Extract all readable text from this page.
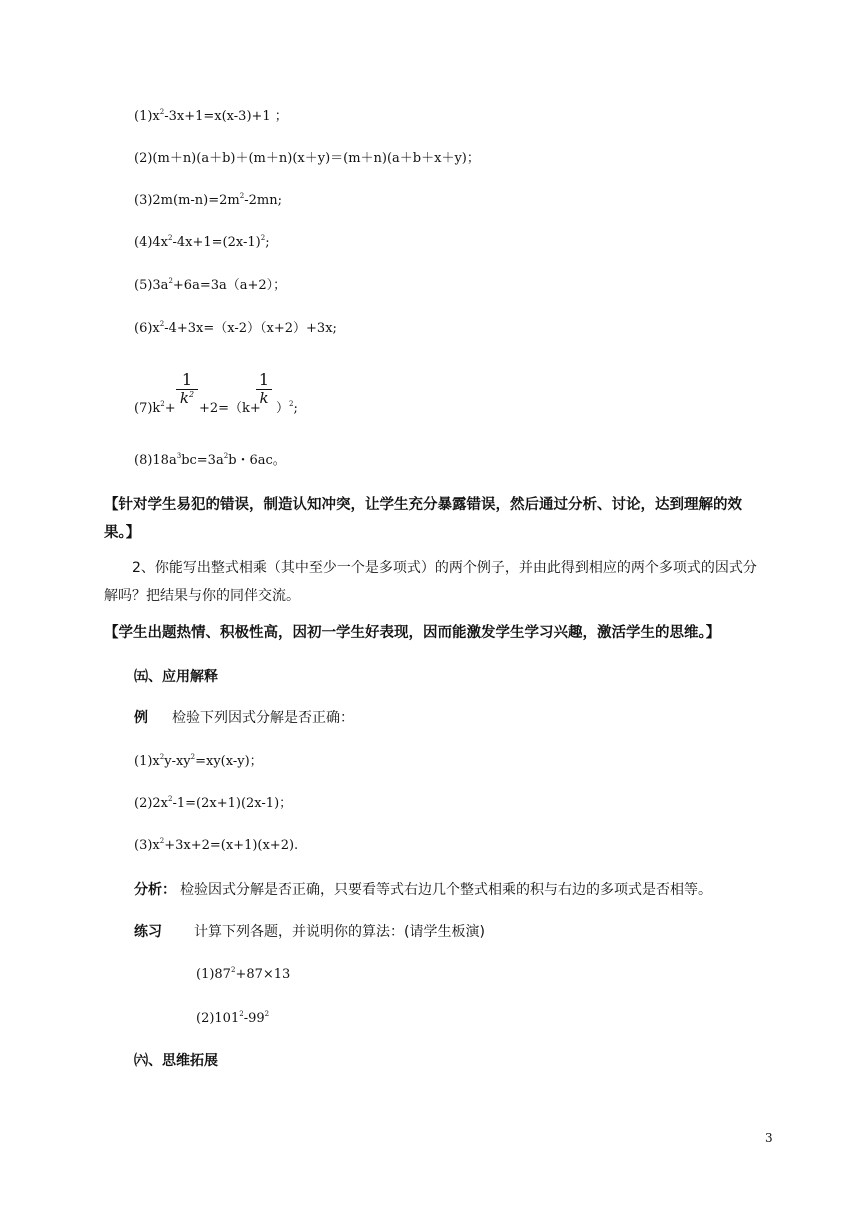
$(1)x^2-3x+1=x(x-3)+1$ ；
(2)(m＋n)(a＋b)＋(m＋n)(x＋y)＝(m＋n)(a＋b＋x＋y)；
$(3)2m(m-n)=2m^2-2mn$;
$(4)4x^2-4x+1=(2x-1)^2$;
$(5)3a^2+6a=3a(a+2)$；
$(6)x^2-4+3x=(x-2)(x+2)+3x$;
1
$k^2$
1
k
$(7)k^2+ +2=(k+ )^2$;
$(8)18a^3bc=3a^2b$・6ac。
【针对学生易犯的错误，制造认知冲突，让学生充分暴露错误，然后通过分析、讨论，达到理解的效果。】
2、你能写出整式相乘（其中至少一个是多项式）的两个例子，并由此得到相应的两个多项式的因式分解吗？把结果与你的同伴交流。
【学生出题热情、积极性高，因初一学生好表现，因而能激发学生学习兴趣，激活学生的思维。】
㈤、应用解释
例 检验下列因式分解是否正确：
$(1)x^2y-xy^2=xy(x-y)$；
$(2)2x^2-1=(2x+1)(2x-1)$；
$(3)x^2+3x+2=(x+1)(x+2)$.
分析： 检验因式分解是否正确，只要看等式右边几个整式相乘的积与右边的多项式是否相等。
练习 计算下列各题，并说明你的算法：(请学生板演)
$(1)87^2+87\times 13$
$(2)101^2-99^2$
㈥、思维拓展
3
